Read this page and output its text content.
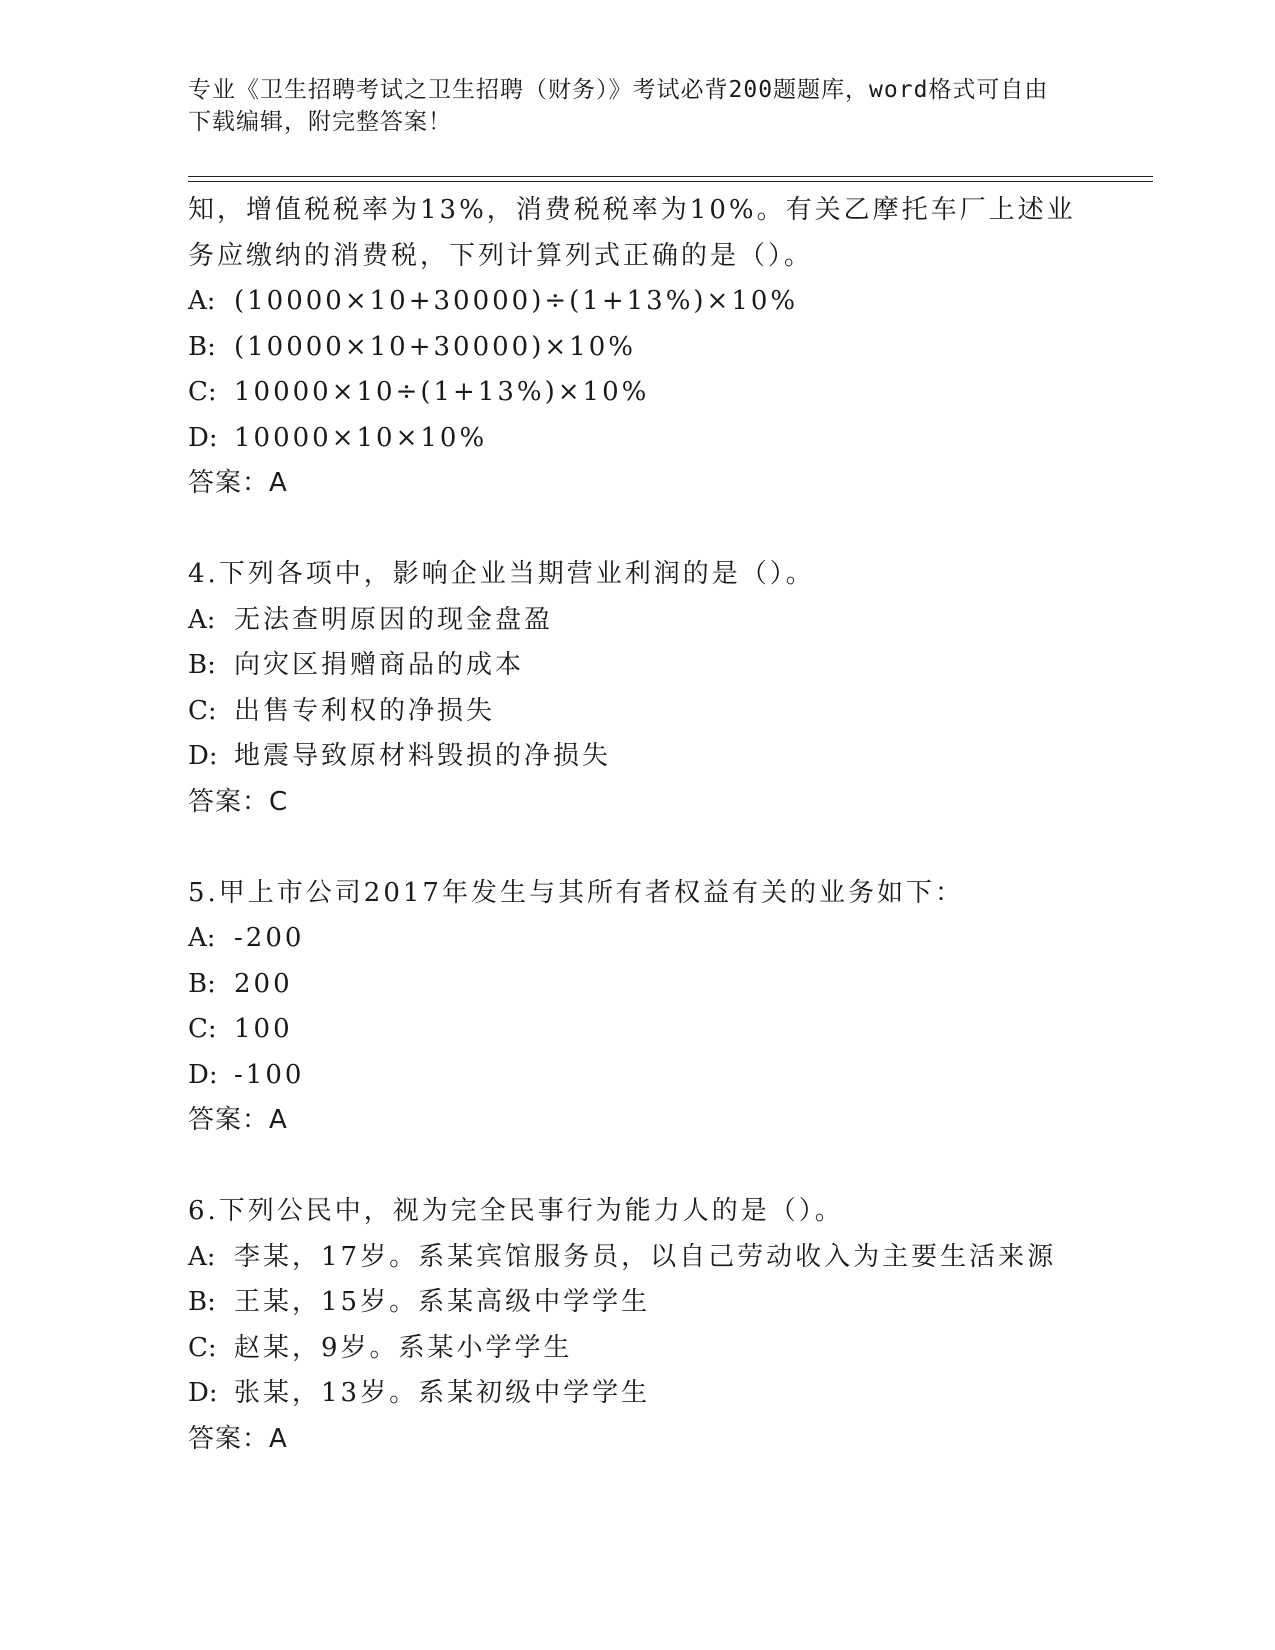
专业《卫生招聘考试之卫生招聘（财务）》考试必背200题题库，word格式可自由下载编辑，附完整答案！
知，增值税税率为13%，消费税税率为10%。有关乙摩托车厂上述业
务应缴纳的消费税，下列计算列式正确的是（）。
A: (10000×10+30000)÷(1+13%)×10%
B: (10000×10+30000)×10%
C: 10000×10÷(1+13%)×10%
D: 10000×10×10%
答案：A
4.下列各项中，影响企业当期营业利润的是（）。
A: 无法查明原因的现金盘盈
B: 向灾区捐赠商品的成本
C: 出售专利权的净损失
D: 地震导致原材料毁损的净损失
答案：C
5.甲上市公司2017年发生与其所有者权益有关的业务如下：
A: -200
B: 200
C: 100
D: -100
答案：A
6.下列公民中，视为完全民事行为能力人的是（）。
A: 李某，17岁。系某宾馆服务员，以自己劳动收入为主要生活来源
B: 王某，15岁。系某高级中学学生
C: 赵某，9岁。系某小学学生
D: 张某，13岁。系某初级中学学生
答案：A
